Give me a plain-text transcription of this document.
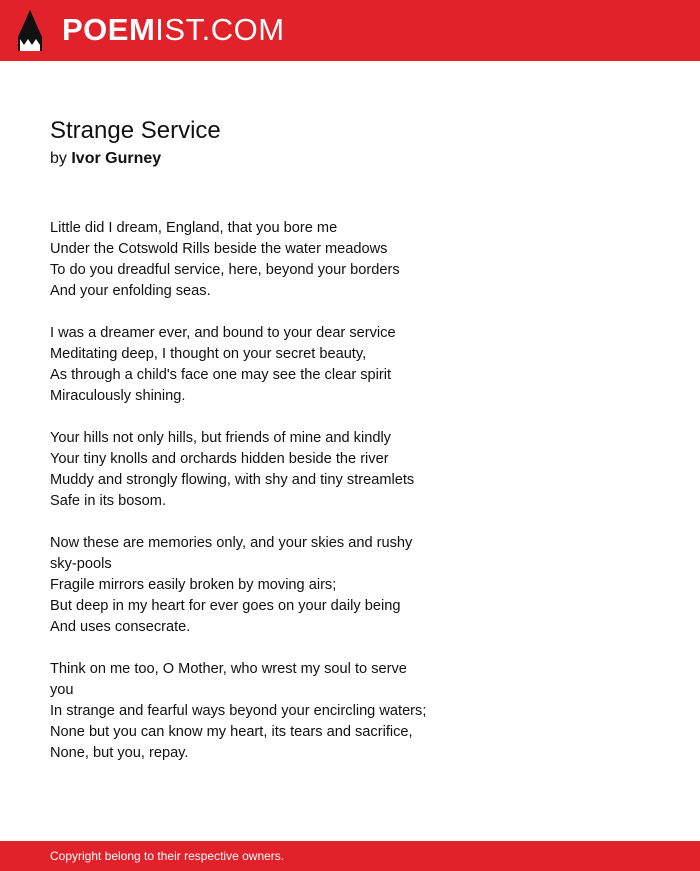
POEMIST.COM
Strange Service
by Ivor Gurney
Little did I dream, England, that you bore me
Under the Cotswold Rills beside the water meadows
To do you dreadful service, here, beyond your borders
And your enfolding seas.
I was a dreamer ever, and bound to your dear service
Meditating deep, I thought on your secret beauty,
As through a child's face one may see the clear spirit
Miraculously shining.
Your hills not only hills, but friends of mine and kindly
Your tiny knolls and orchards hidden beside the river
Muddy and strongly flowing, with shy and tiny streamlets
Safe in its bosom.
Now these are memories only, and your skies and rushy
sky-pools
Fragile mirrors easily broken by moving airs;
But deep in my heart for ever goes on your daily being
And uses consecrate.
Think on me too, O Mother, who wrest my soul to serve
you
In strange and fearful ways beyond your encircling waters;
None but you can know my heart, its tears and sacrifice,
None, but you, repay.
Copyright belong to their respective owners.
